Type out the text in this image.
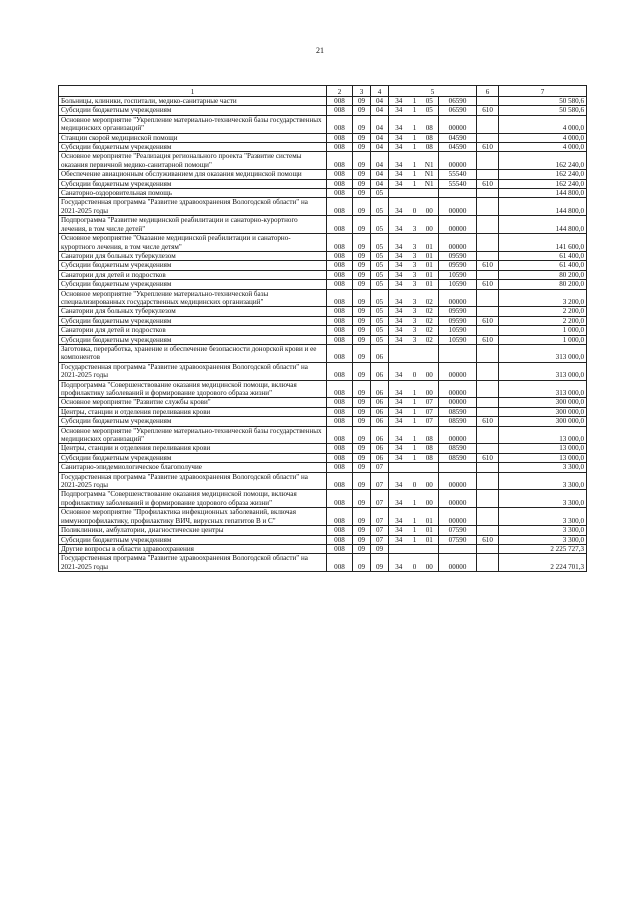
21
1	2	3	4	5				6	7
Больницы, клиники, госпитали, медико-санитарные части	008	09	04	34	1	05	06590		50 580,6
Субсидии бюджетным учреждениям	008	09	04	34	1	05	06590	610	50 580,6
Основное мероприятие "Укрепление материально-технической базы государственных медицинских организаций"	008	09	04	34	1	08	00000		4 000,0
Станции скорой медицинской помощи	008	09	04	34	1	08	04590		4 000,0
Субсидии бюджетным учреждениям	008	09	04	34	1	08	04590	610	4 000,0
Основное мероприятие "Реализация регионального проекта "Развитие системы оказания первичной медико-санитарной помощи"	008	09	04	34	1	N1	00000		162 240,0
Обеспечение авиационным обслуживанием для оказания медицинской помощи	008	09	04	34	1	N1	55540		162 240,0
Субсидии бюджетным учреждениям	008	09	04	34	1	N1	55540	610	162 240,0
Санаторно-оздоровительная помощь	008	09	05						144 800,0
Государственная программа "Развитие здравоохранения Вологодской области" на 2021-2025 годы	008	09	05	34	0	00	00000		144 800,0
Подпрограмма "Развитие медицинской реабилитации и санаторно-курортного лечения, в том числе детей"	008	09	05	34	3	00	00000		144 800,0
Основное мероприятие "Оказание медицинской реабилитации и санаторно-курортного лечения, в том числе детям"	008	09	05	34	3	01	00000		141 600,0
Санатории для больных туберкулезом	008	09	05	34	3	01	09590		61 400,0
Субсидии бюджетным учреждениям	008	09	05	34	3	01	09590	610	61 400,0
Санатории для детей и подростков	008	09	05	34	3	01	10590		80 200,0
Субсидии бюджетным учреждениям	008	09	05	34	3	01	10590	610	80 200,0
Основное мероприятие "Укрепление материально-технической базы специализированных государственных медицинских организаций"	008	09	05	34	3	02	00000		3 200,0
Санатории для больных туберкулезом	008	09	05	34	3	02	09590		2 200,0
Субсидии бюджетным учреждениям	008	09	05	34	3	02	09590	610	2 200,0
Санатории для детей и подростков	008	09	05	34	3	02	10590		1 000,0
Субсидии бюджетным учреждениям	008	09	05	34	3	02	10590	610	1 000,0
Заготовка, переработка, хранение и обеспечение безопасности донорской крови и ее компонентов	008	09	06						313 000,0
Государственная программа "Развитие здравоохранения Вологодской области" на 2021-2025 годы	008	09	06	34	0	00	00000		313 000,0
Подпрограмма "Совершенствование оказания медицинской помощи, включая профилактику заболеваний и формирование здорового образа жизни"	008	09	06	34	1	00	00000		313 000,0
Основное мероприятие "Развитие службы крови"	008	09	06	34	1	07	00000		300 000,0
Центры, станции и отделения переливания крови	008	09	06	34	1	07	08590		300 000,0
Субсидии бюджетным учреждениям	008	09	06	34	1	07	08590	610	300 000,0
Основное мероприятие "Укрепление материально-технической базы государственных медицинских организаций"	008	09	06	34	1	08	00000		13 000,0
Центры, станции и отделения переливания крови	008	09	06	34	1	08	08590		13 000,0
Субсидии бюджетным учреждениям	008	09	06	34	1	08	08590	610	13 000,0
Санитарно-эпидемиологическое благополучие	008	09	07						3 300,0
Государственная программа "Развитие здравоохранения Вологодской области" на 2021-2025 годы	008	09	07	34	0	00	00000		3 300,0
Подпрограмма "Совершенствование оказания медицинской помощи, включая профилактику заболеваний и формирование здорового образа жизни"	008	09	07	34	1	00	00000		3 300,0
Основное мероприятие "Профилактика инфекционных заболеваний, включая иммунопрофилактику, профилактику ВИЧ, вирусных гепатитов В и С"	008	09	07	34	1	01	00000		3 300,0
Поликлиники, амбулатории, диагностические центры	008	09	07	34	1	01	07590		3 300,0
Субсидии бюджетным учреждениям	008	09	07	34	1	01	07590	610	3 300,0
Другие вопросы в области здравоохранения	008	09	09						2 225 727,3
Государственная программа "Развитие здравоохранения Вологодской области" на 2021-2025 годы	008	09	09	34	0	00	00000		2 224 701,3
